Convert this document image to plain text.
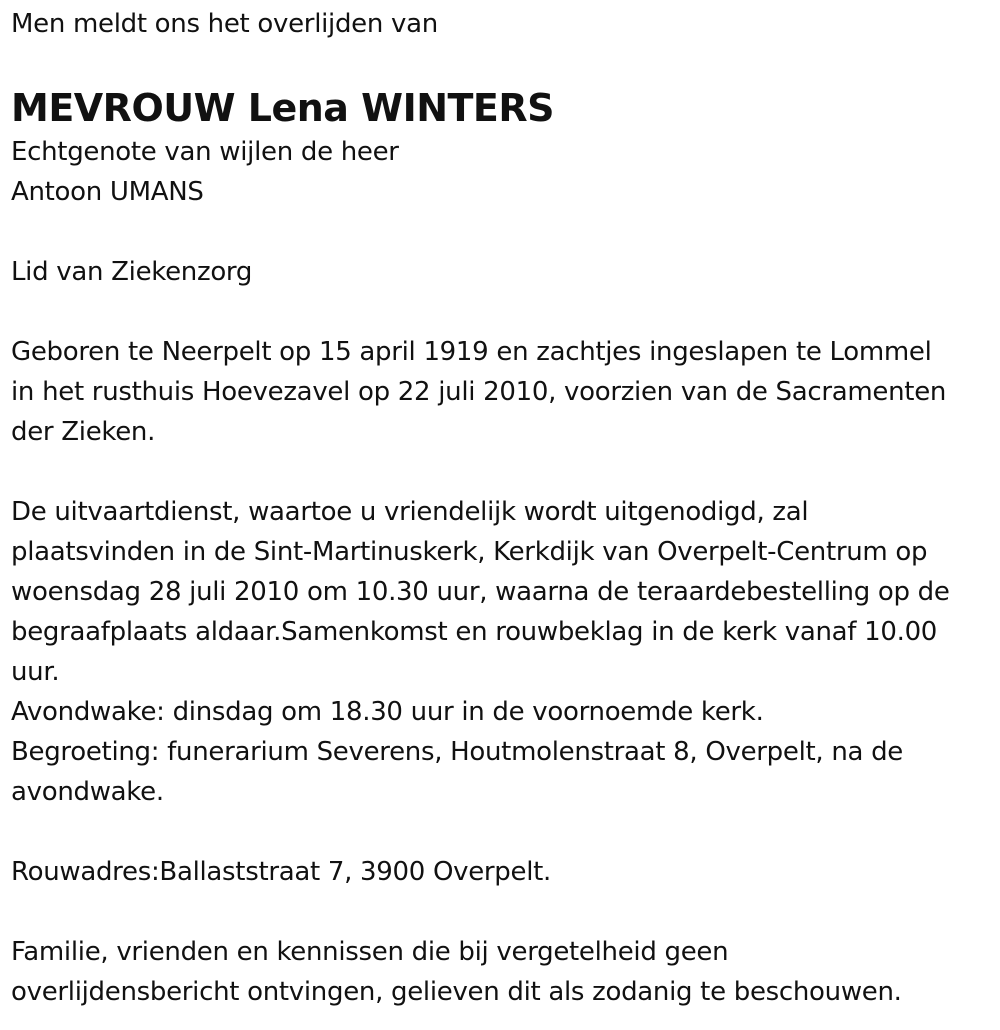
Men meldt ons het overlijden van
MEVROUW Lena WINTERS
Echtgenote van wijlen de heer
Antoon UMANS
Lid van Ziekenzorg
Geboren te Neerpelt op 15 april 1919 en zachtjes ingeslapen te Lommel
in het rusthuis Hoevezavel op 22 juli 2010, voorzien van de Sacramenten
der Zieken.
De uitvaartdienst, waartoe u vriendelijk wordt uitgenodigd, zal
plaatsvinden in de Sint-Martinuskerk, Kerkdijk van Overpelt-Centrum op
woensdag 28 juli 2010 om 10.30 uur, waarna de teraardebestelling op de
begraafplaats aldaar.Samenkomst en rouwbeklag in de kerk vanaf 10.00
uur.
Avondwake: dinsdag om 18.30 uur in de voornoemde kerk.
Begroeting: funerarium Severens, Houtmolenstraat 8, Overpelt, na de
avondwake.
Rouwadres:Ballaststraat 7, 3900 Overpelt.
Familie, vrienden en kennissen die bij vergetelheid geen
overlijdensbericht ontvingen, gelieven dit als zodanig te beschouwen.
